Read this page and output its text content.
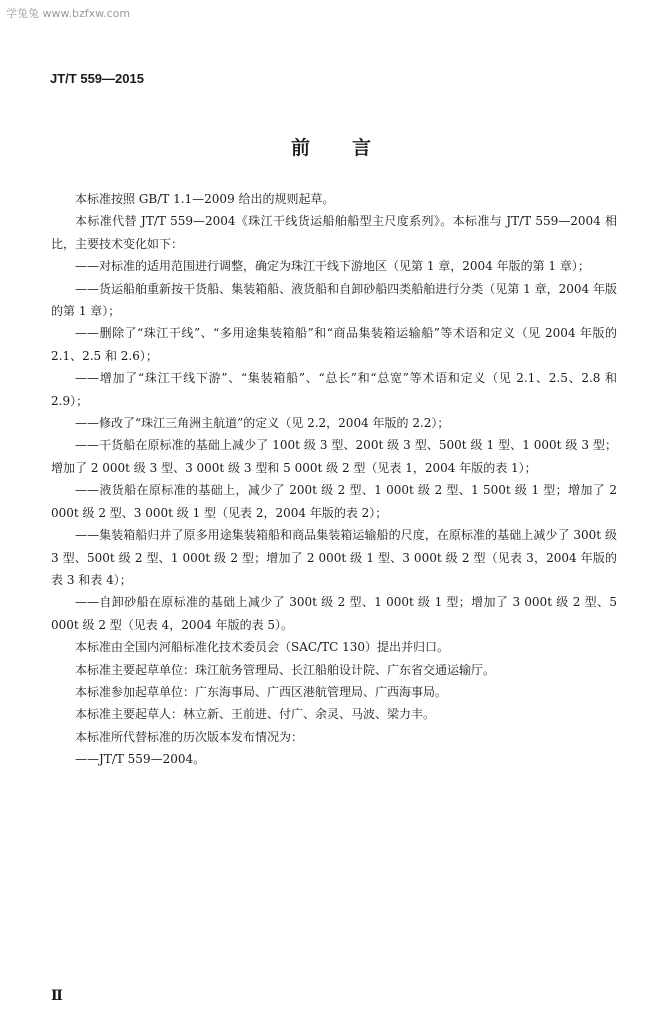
学兔兔 www.bzfxw.com
JT/T 559—2015
前言

本标准按照 GB/T 1.1—2009 给出的规则起草。

本标准代替 JT/T 559—2004《珠江干线货运船舶船型主尺度系列》。本标准与 JT/T 559—2004 相比，主要技术变化如下：

——对标准的适用范围进行调整，确定为珠江干线下游地区（见第 1 章，2004 年版的第 1 章）；

——货运船舶重新按干货船、集装箱船、液货船和自卸砂船四类船舶进行分类（见第 1 章，2004 年版的第 1 章）；

——删除了“珠江干线”、“多用途集装箱船”和“商品集装箱运输船”等术语和定义（见 2004 年版的 2.1、2.5 和 2.6）；

——增加了“珠江干线下游”、“集装箱船”、“总长”和“总宽”等术语和定义（见 2.1、2.5、2.8 和 2.9）；

——修改了“珠江三角洲主航道”的定义（见 2.2，2004 年版的 2.2）；

——干货船在原标准的基础上减少了 100t 级 3 型、200t 级 3 型、500t 级 1 型、1 000t 级 3 型；增加了 2 000t 级 3 型、3 000t 级 3 型和 5 000t 级 2 型（见表 1，2004 年版的表 1）；

——液货船在原标准的基础上，减少了 200t 级 2 型、1 000t 级 2 型、1 500t 级 1 型；增加了 2 000t 级 2 型、3 000t 级 1 型（见表 2，2004 年版的表 2）；

——集装箱船归并了原多用途集装箱船和商品集装箱运输船的尺度，在原标准的基础上减少了 300t 级 3 型、500t 级 2 型、1 000t 级 2 型；增加了 2 000t 级 1 型、3 000t 级 2 型（见表 3，2004 年版的表 3 和表 4）；

——自卸砂船在原标准的基础上减少了 300t 级 2 型、1 000t 级 1 型；增加了 3 000t 级 2 型、5 000t 级 2 型（见表 4，2004 年版的表 5）。

本标准由全国内河船标准化技术委员会（SAC/TC 130）提出并归口。

本标准主要起草单位：珠江航务管理局、长江船舶设计院、广东省交通运输厅。

本标准参加起草单位：广东海事局、广西区港航管理局、广西海事局。

本标准主要起草人：林立新、王前进、付广、余灵、马波、梁力丰。

本标准所代替标准的历次版本发布情况为：

——JT/T 559—2004。

Ⅱ
